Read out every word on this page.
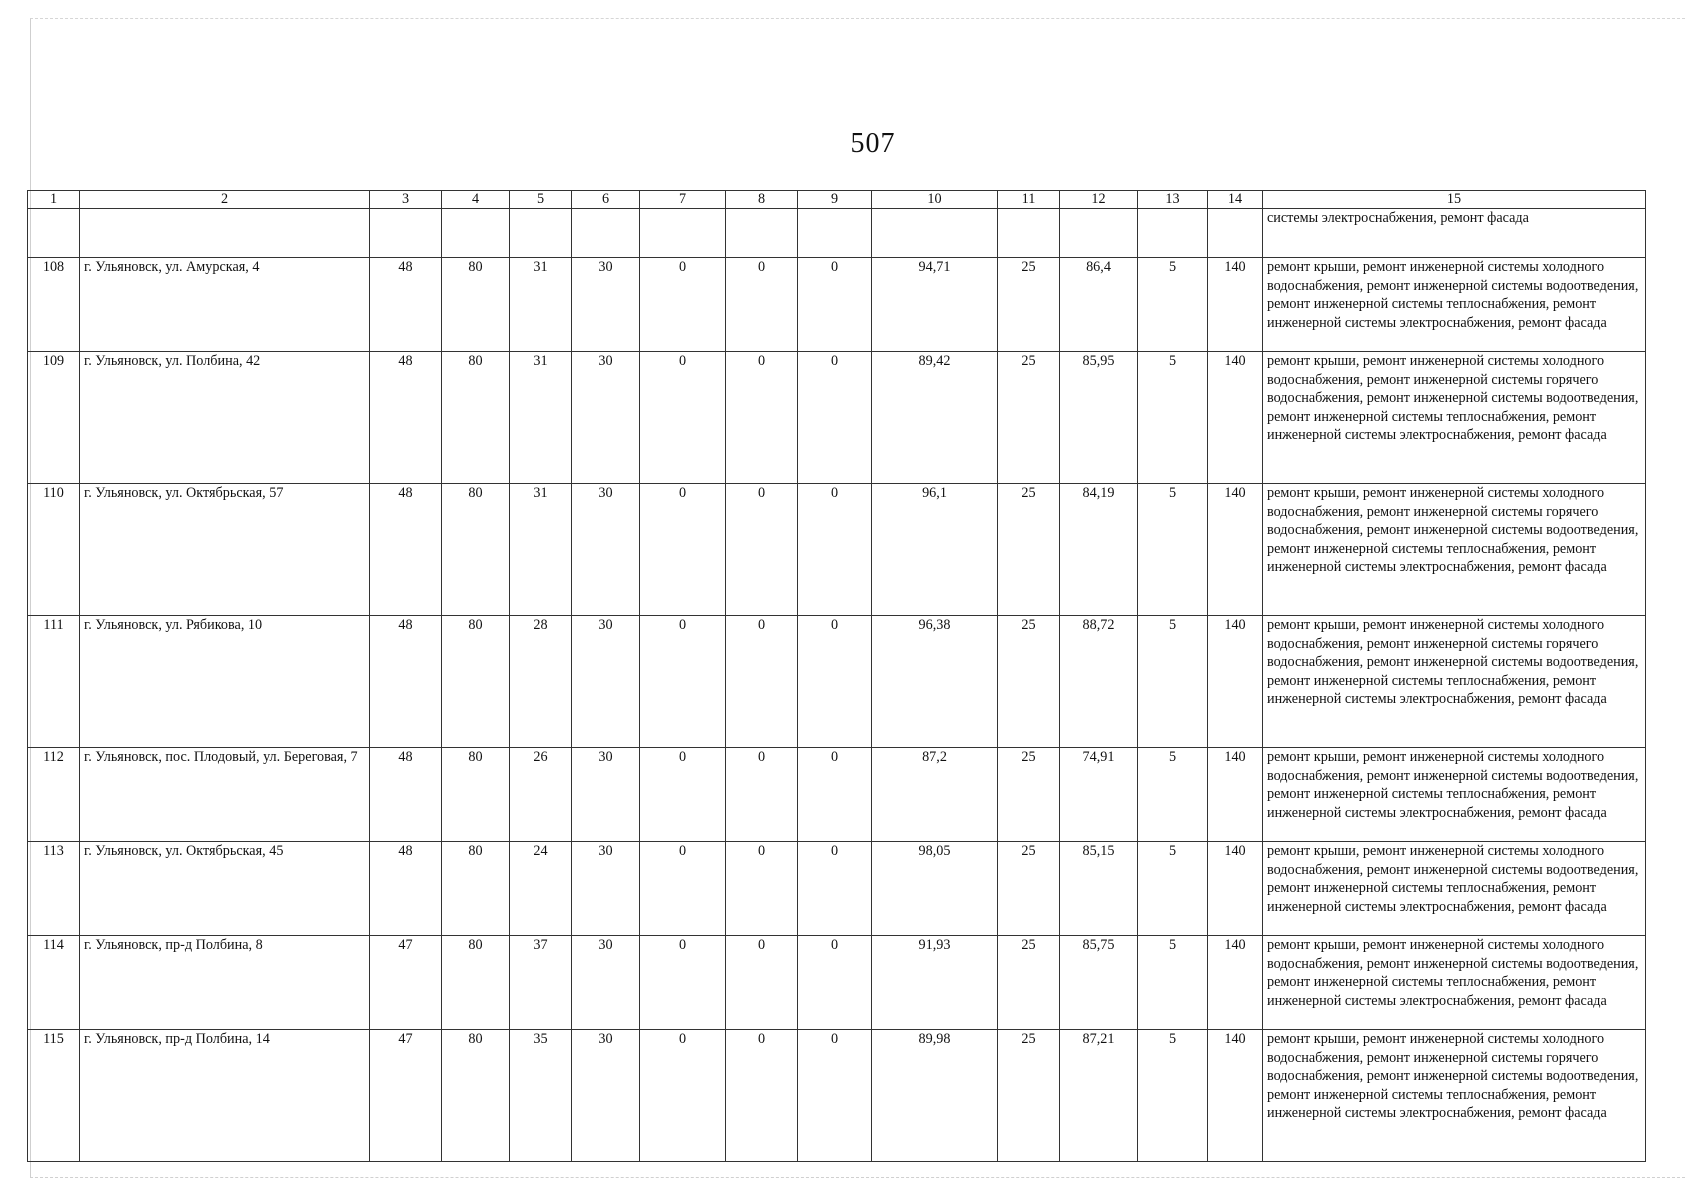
507
1	2	3	4	5	6	7	8	9	10	11	12	13	14	15
														системы электроснабжения, ремонт фасада
108	г. Ульяновск, ул. Амурская, 4	48	80	31	30	0	0	0	94,71	25	86,4	5	140	ремонт крыши, ремонт инженерной системы холодного водоснабжения, ремонт инженерной системы водоотведения, ремонт инженерной системы теплоснабжения, ремонт инженерной системы электроснабжения, ремонт фасада
109	г. Ульяновск, ул. Полбина, 42	48	80	31	30	0	0	0	89,42	25	85,95	5	140	ремонт крыши, ремонт инженерной системы холодного водоснабжения, ремонт инженерной системы горячего водоснабжения, ремонт инженерной системы водоотведения, ремонт инженерной системы теплоснабжения, ремонт инженерной системы электроснабжения, ремонт фасада
110	г. Ульяновск, ул. Октябрьская, 57	48	80	31	30	0	0	0	96,1	25	84,19	5	140	ремонт крыши, ремонт инженерной системы холодного водоснабжения, ремонт инженерной системы горячего водоснабжения, ремонт инженерной системы водоотведения, ремонт инженерной системы теплоснабжения, ремонт инженерной системы электроснабжения, ремонт фасада
111	г. Ульяновск, ул. Рябикова, 10	48	80	28	30	0	0	0	96,38	25	88,72	5	140	ремонт крыши, ремонт инженерной системы холодного водоснабжения, ремонт инженерной системы горячего водоснабжения, ремонт инженерной системы водоотведения, ремонт инженерной системы теплоснабжения, ремонт инженерной системы электроснабжения, ремонт фасада
112	г. Ульяновск, пос. Плодовый, ул. Береговая, 7	48	80	26	30	0	0	0	87,2	25	74,91	5	140	ремонт крыши, ремонт инженерной системы холодного водоснабжения, ремонт инженерной системы водоотведения, ремонт инженерной системы теплоснабжения, ремонт инженерной системы электроснабжения, ремонт фасада
113	г. Ульяновск, ул. Октябрьская, 45	48	80	24	30	0	0	0	98,05	25	85,15	5	140	ремонт крыши, ремонт инженерной системы холодного водоснабжения, ремонт инженерной системы водоотведения, ремонт инженерной системы теплоснабжения, ремонт инженерной системы электроснабжения, ремонт фасада
114	г. Ульяновск, пр-д Полбина, 8	47	80	37	30	0	0	0	91,93	25	85,75	5	140	ремонт крыши, ремонт инженерной системы холодного водоснабжения, ремонт инженерной системы водоотведения, ремонт инженерной системы теплоснабжения, ремонт инженерной системы электроснабжения, ремонт фасада
115	г. Ульяновск, пр-д Полбина, 14	47	80	35	30	0	0	0	89,98	25	87,21	5	140	ремонт крыши, ремонт инженерной системы холодного водоснабжения, ремонт инженерной системы горячего водоснабжения, ремонт инженерной системы водоотведения, ремонт инженерной системы теплоснабжения, ремонт инженерной системы электроснабжения, ремонт фасада
